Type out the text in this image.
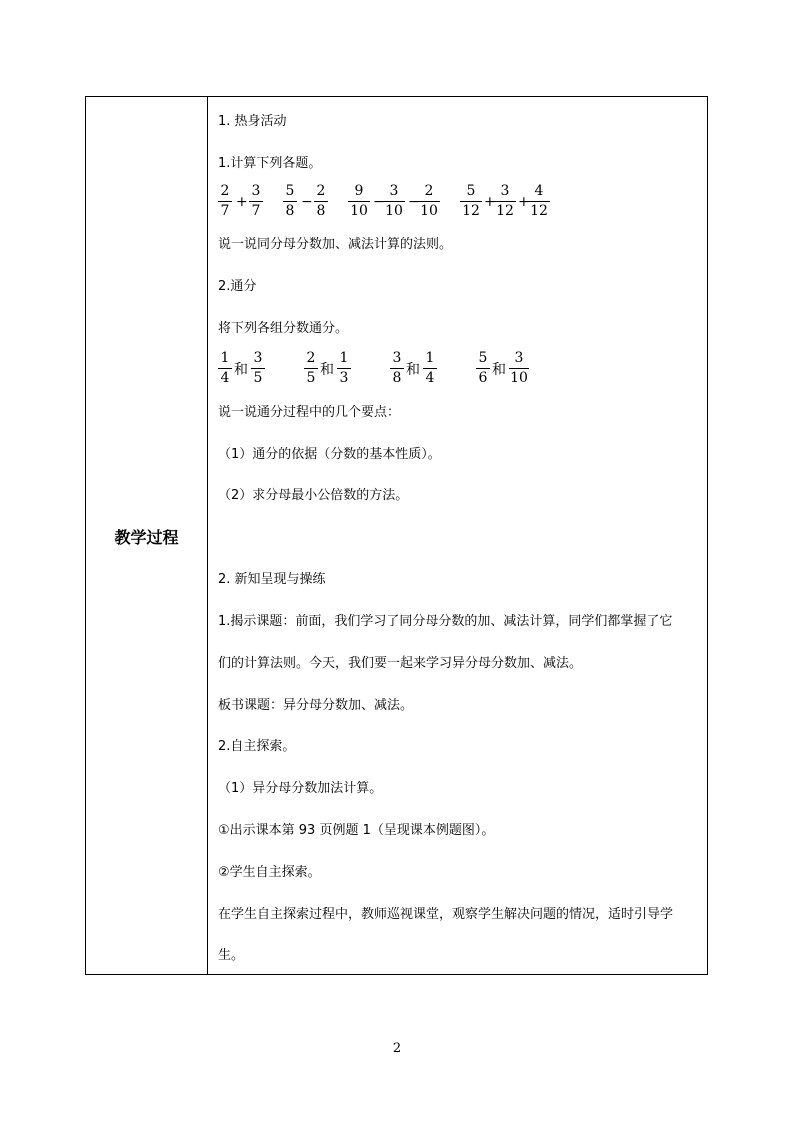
教学过程
1. 热身活动
1.计算下列各题。
2
7
+
3
7
5
8
−
2
8
9
10
−
3
10
−
2
10
5
12
+
3
12
+
4
12
说一说同分母分数加、减法计算的法则。
2.通分
将下列各组分数通分。
1
4 和
3
5
2
5 和
1
3
3
8 和
1
4
5
6 和
3
10
说一说通分过程中的几个要点：
（1）通分的依据（分数的基本性质）。
（2）求分母最小公倍数的方法。
2. 新知呈现与操练
1.揭示课题：前面，我们学习了同分母分数的加、减法计算，同学们都掌握了它
们的计算法则。今天，我们要一起来学习异分母分数加、减法。
板书课题：异分母分数加、减法。
2.自主探索。
（1）异分母分数加法计算。
①出示课本第 93 页例题 1（呈现课本例题图）。
②学生自主探索。
在学生自主探索过程中，教师巡视课堂，观察学生解决问题的情况，适时引导学
生。
2
